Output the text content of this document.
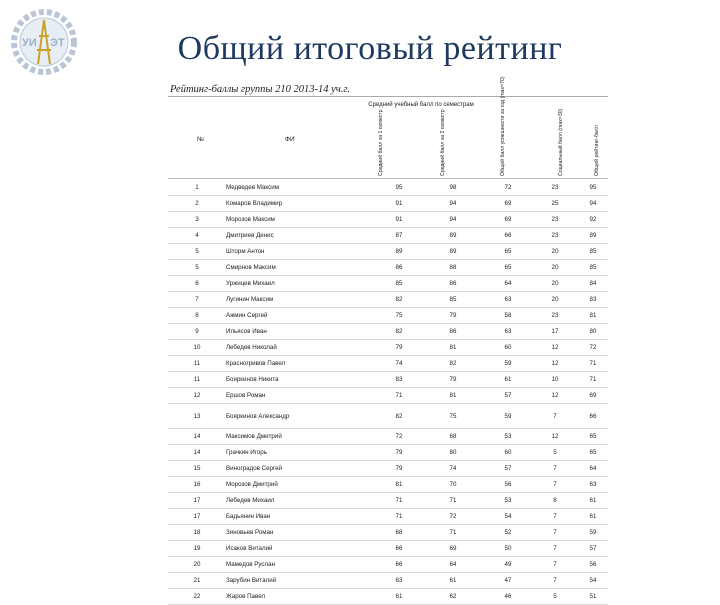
УИ ЭТ	Общий итоговый рейтинг
Рейтинг-баллы группы 210 2013-14 уч.г.
№	ФИ
Средний учебный балл по семестрам
Средний балл за 1 семестр	Средний балл за 2 семестр	Общий балл успешности за год (max=70)	Социальный балл (max=30)	Общий рейтинг-балл
1	Медведев Максим	95	98	72	23	95
2	Комаров Владимир	91	94	69	25	94
3	Морозов Максим	91	94	69	23	92
4	Дмитриев Денис	87	89	66	23	89
5	Шторм Антон	89	89	65	20	85
5	Смирнов Максим	86	88	65	20	85
6	Уржицев Михаил	85	86	64	20	84
7	Лугинин Максим	82	85	63	20	83
8	Ажмин Сергей	75	79	58	23	81
9	Ильясов Иван	82	86	63	17	80
10	Лебедев Николай	79	81	60	12	72
11	Красногривов Павел	74	82	59	12	71
11	Бояркинов Никита	83	79	61	10	71
12	Ершов Роман	71	81	57	12	69
13	Бояркинов Александр	82	75	59	7	66
14	Максимов Дмитрий	72	68	53	12	65
14	Грачкин Игорь	79	80	60	5	65
15	Виноградов Сергей	79	74	57	7	64
16	Морозов Дмитрий	81	70	56	7	63
17	Лебедев Михаил	71	71	53	8	61
17	Бадьянин Иван	71	72	54	7	61
18	Зиновьев Роман	68	71	52	7	59
19	Исаков Виталий	66	69	50	7	57
20	Мамедов Руслан	66	64	49	7	56
21	Зарубин Виталий	63	61	47	7	54
22	Жаров Павел	61	62	46	5	51
